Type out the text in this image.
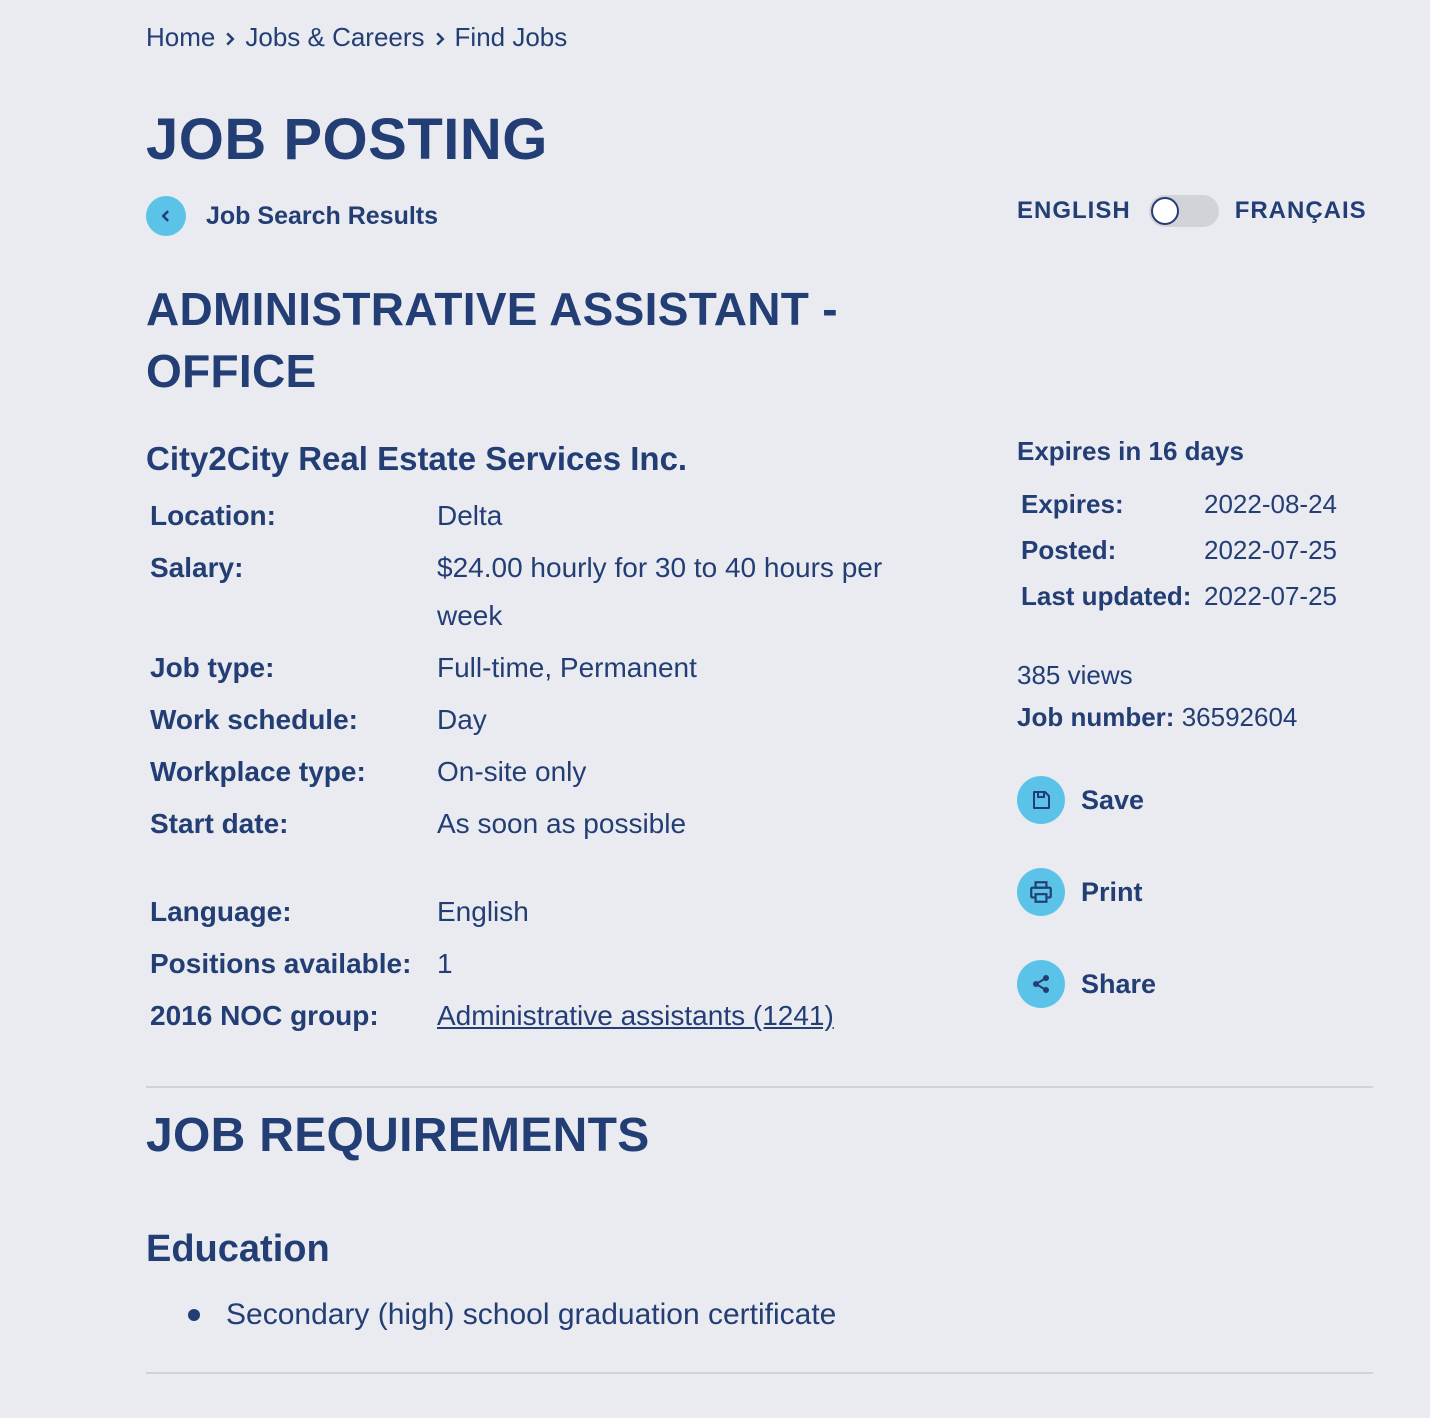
Home Jobs & Careers Find Jobs
JOB POSTING
Job Search Results	ENGLISH	FRANÇAIS
ADMINISTRATIVE ASSISTANT - OFFICE
City2City Real Estate Services Inc.
Location:	Delta
Salary:	$24.00 hourly for 30 to 40 hours per week
Job type:	Full-time, Permanent
Work schedule:	Day
Workplace type:	On-site only
Start date:	As soon as possible
Language:	English
Positions available: 1
2016 NOC group:	Administrative assistants (1241)
Expires in 16 days
Expires:	2022-08-24
Posted:	2022-07-25
Last updated: 2022-07-25
385 views
Job number: 36592604
Save
Print
Share
JOB REQUIREMENTS
Education
Secondary (high) school graduation certificate
